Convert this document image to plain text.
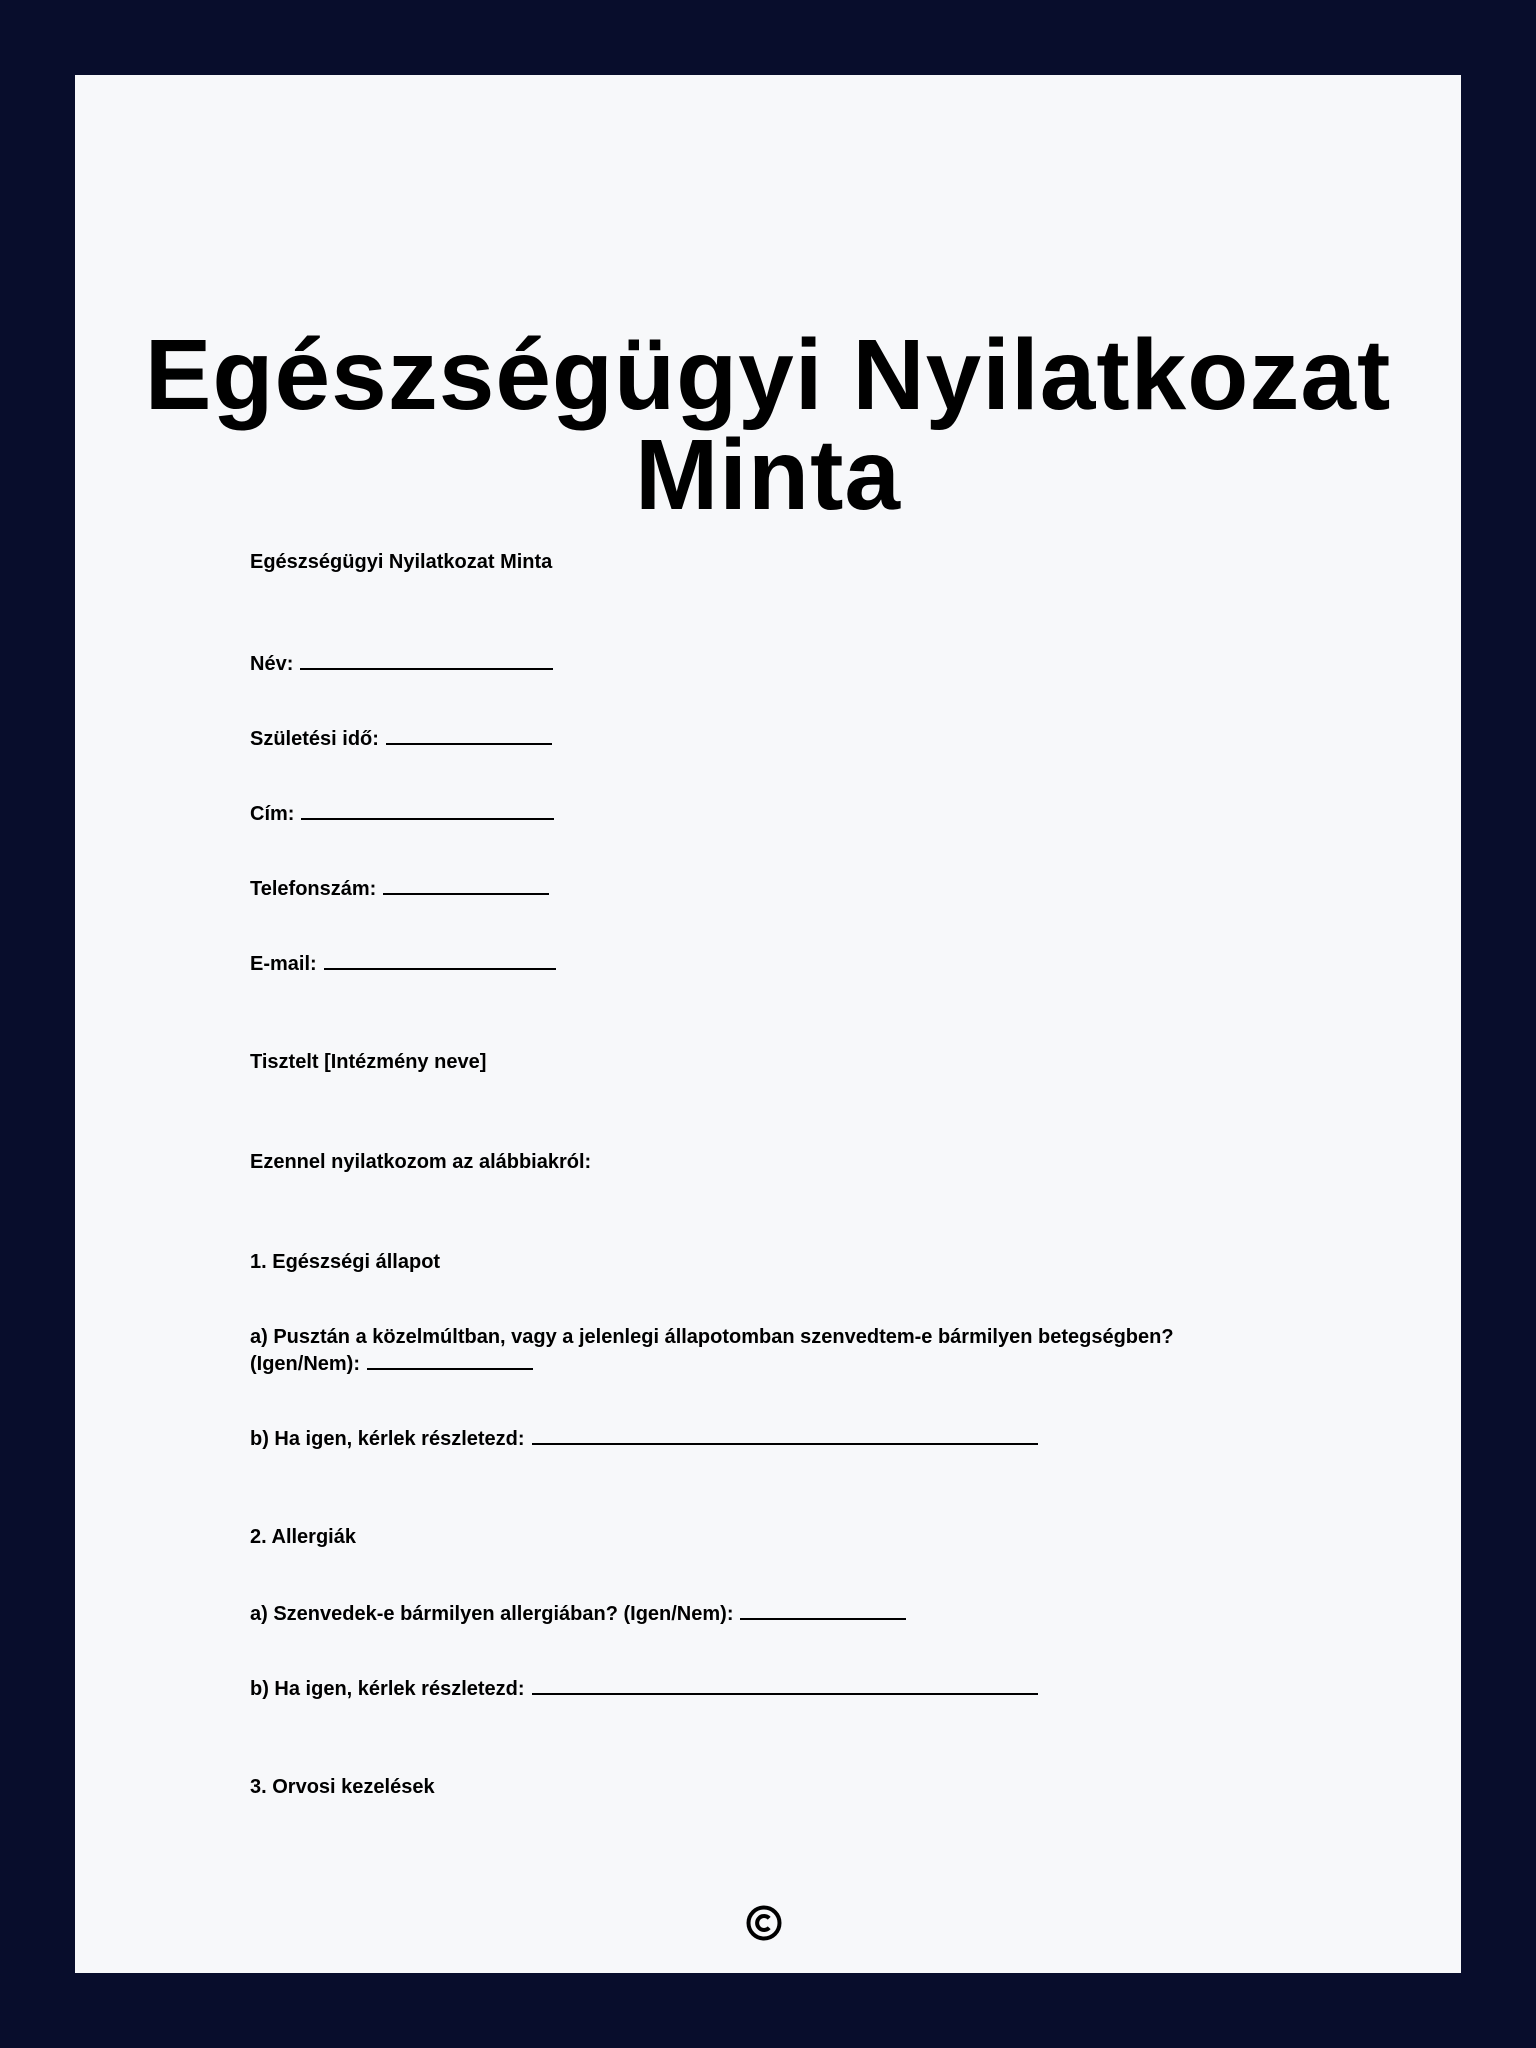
Egészségügyi Nyilatkozat Minta

Egészségügyi Nyilatkozat Minta

Név:

Születési idő:

Cím:

Telefonszám:

E-mail:

Tisztelt [Intézmény neve]

Ezennel nyilatkozom az alábbiakról:

1. Egészségi állapot

a) Pusztán a közelmúltban, vagy a jelenlegi állapotomban szenvedtem-e bármilyen betegségben?

(Igen/Nem):

b) Ha igen, kérlek részletezd:

2. Allergiák

a) Szenvedek-e bármilyen allergiában? (Igen/Nem):

b) Ha igen, kérlek részletezd:

3. Orvosi kezelések
